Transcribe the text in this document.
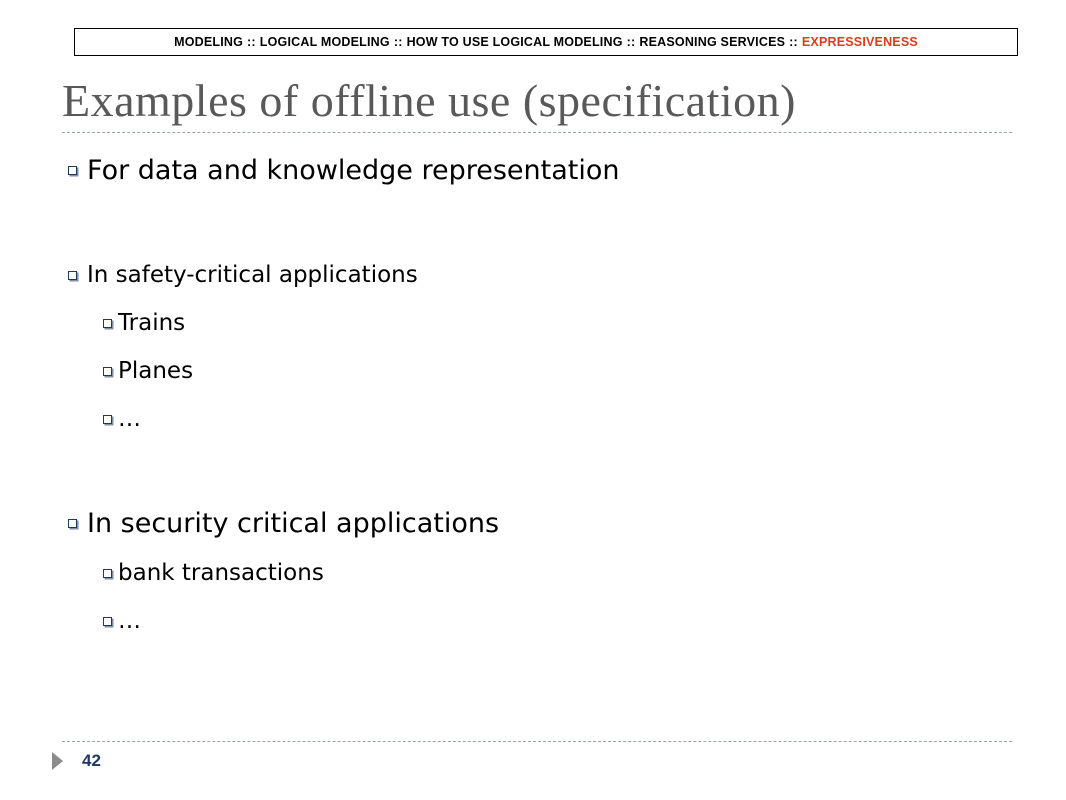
MODELING :: LOGICAL MODELING :: HOW TO USE LOGICAL MODELING :: REASONING SERVICES :: EXPRESSIVENESS
Examples of offline use (specification)
For data and knowledge representation
In safety-critical applications
Trains
Planes
…
In security critical applications
bank transactions
…
42
